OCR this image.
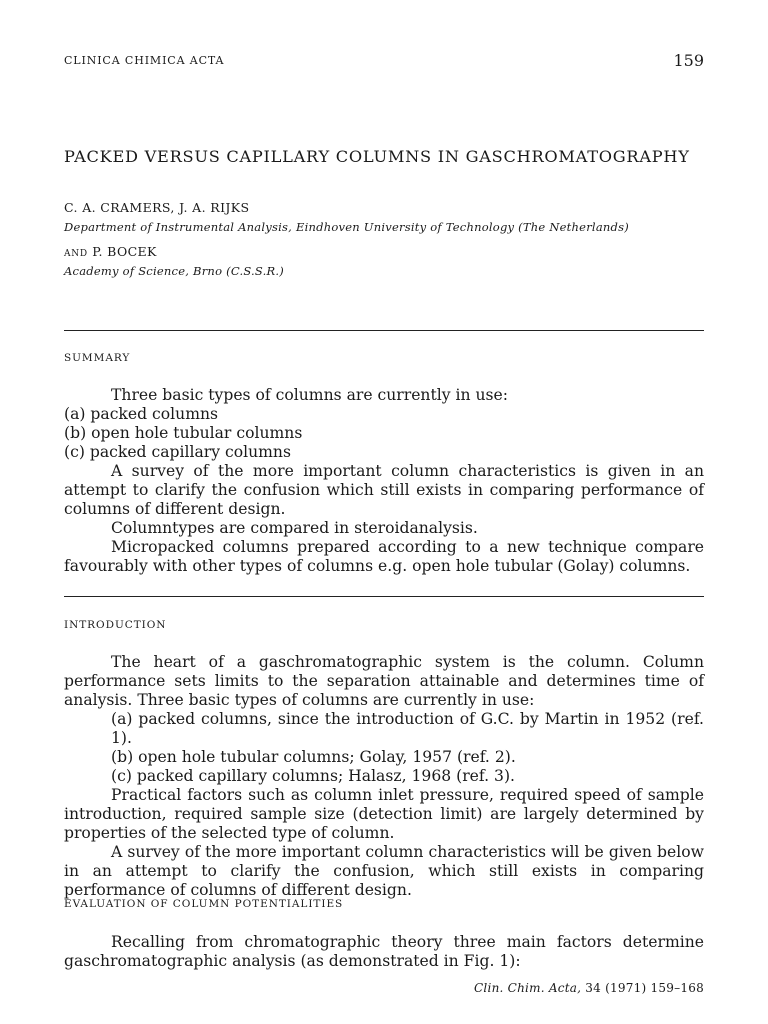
CLINICA CHIMICA ACTA	159
PACKED VERSUS CAPILLARY COLUMNS IN GASCHROMATOGRAPHY
C. A. CRAMERS, J. A. RIJKS
Department of Instrumental Analysis, Eindhoven University of Technology (The Netherlands)
and P. BOCEK
Academy of Science, Brno (C.S.S.R.)
SUMMARY

Three basic types of columns are currently in use:

(a) packed columns

(b) open hole tubular columns

(c) packed capillary columns

A survey of the more important column characteristics is given in an attempt to clarify the confusion which still exists in comparing performance of columns of different design.

Columntypes are compared in steroidanalysis.

Micropacked columns prepared according to a new technique compare favourably with other types of columns e.g. open hole tubular (Golay) columns.

INTRODUCTION

The heart of a gaschromatographic system is the column. Column performance sets limits to the separation attainable and determines time of analysis. Three basic types of columns are currently in use:

(a) packed columns, since the introduction of G.C. by Martin in 1952 (ref. 1).

(b) open hole tubular columns; Golay, 1957 (ref. 2).

(c) packed capillary columns; Halasz, 1968 (ref. 3).

Practical factors such as column inlet pressure, required speed of sample introduction, required sample size (detection limit) are largely determined by properties of the selected type of column.

A survey of the more important column characteristics will be given below in an attempt to clarify the confusion, which still exists in comparing performance of columns of different design.

EVALUATION OF COLUMN POTENTIALITIES

Recalling from chromatographic theory three main factors determine gaschromatographic analysis (as demonstrated in Fig. 1):

Clin. Chim. Acta, 34 (1971) 159–168
